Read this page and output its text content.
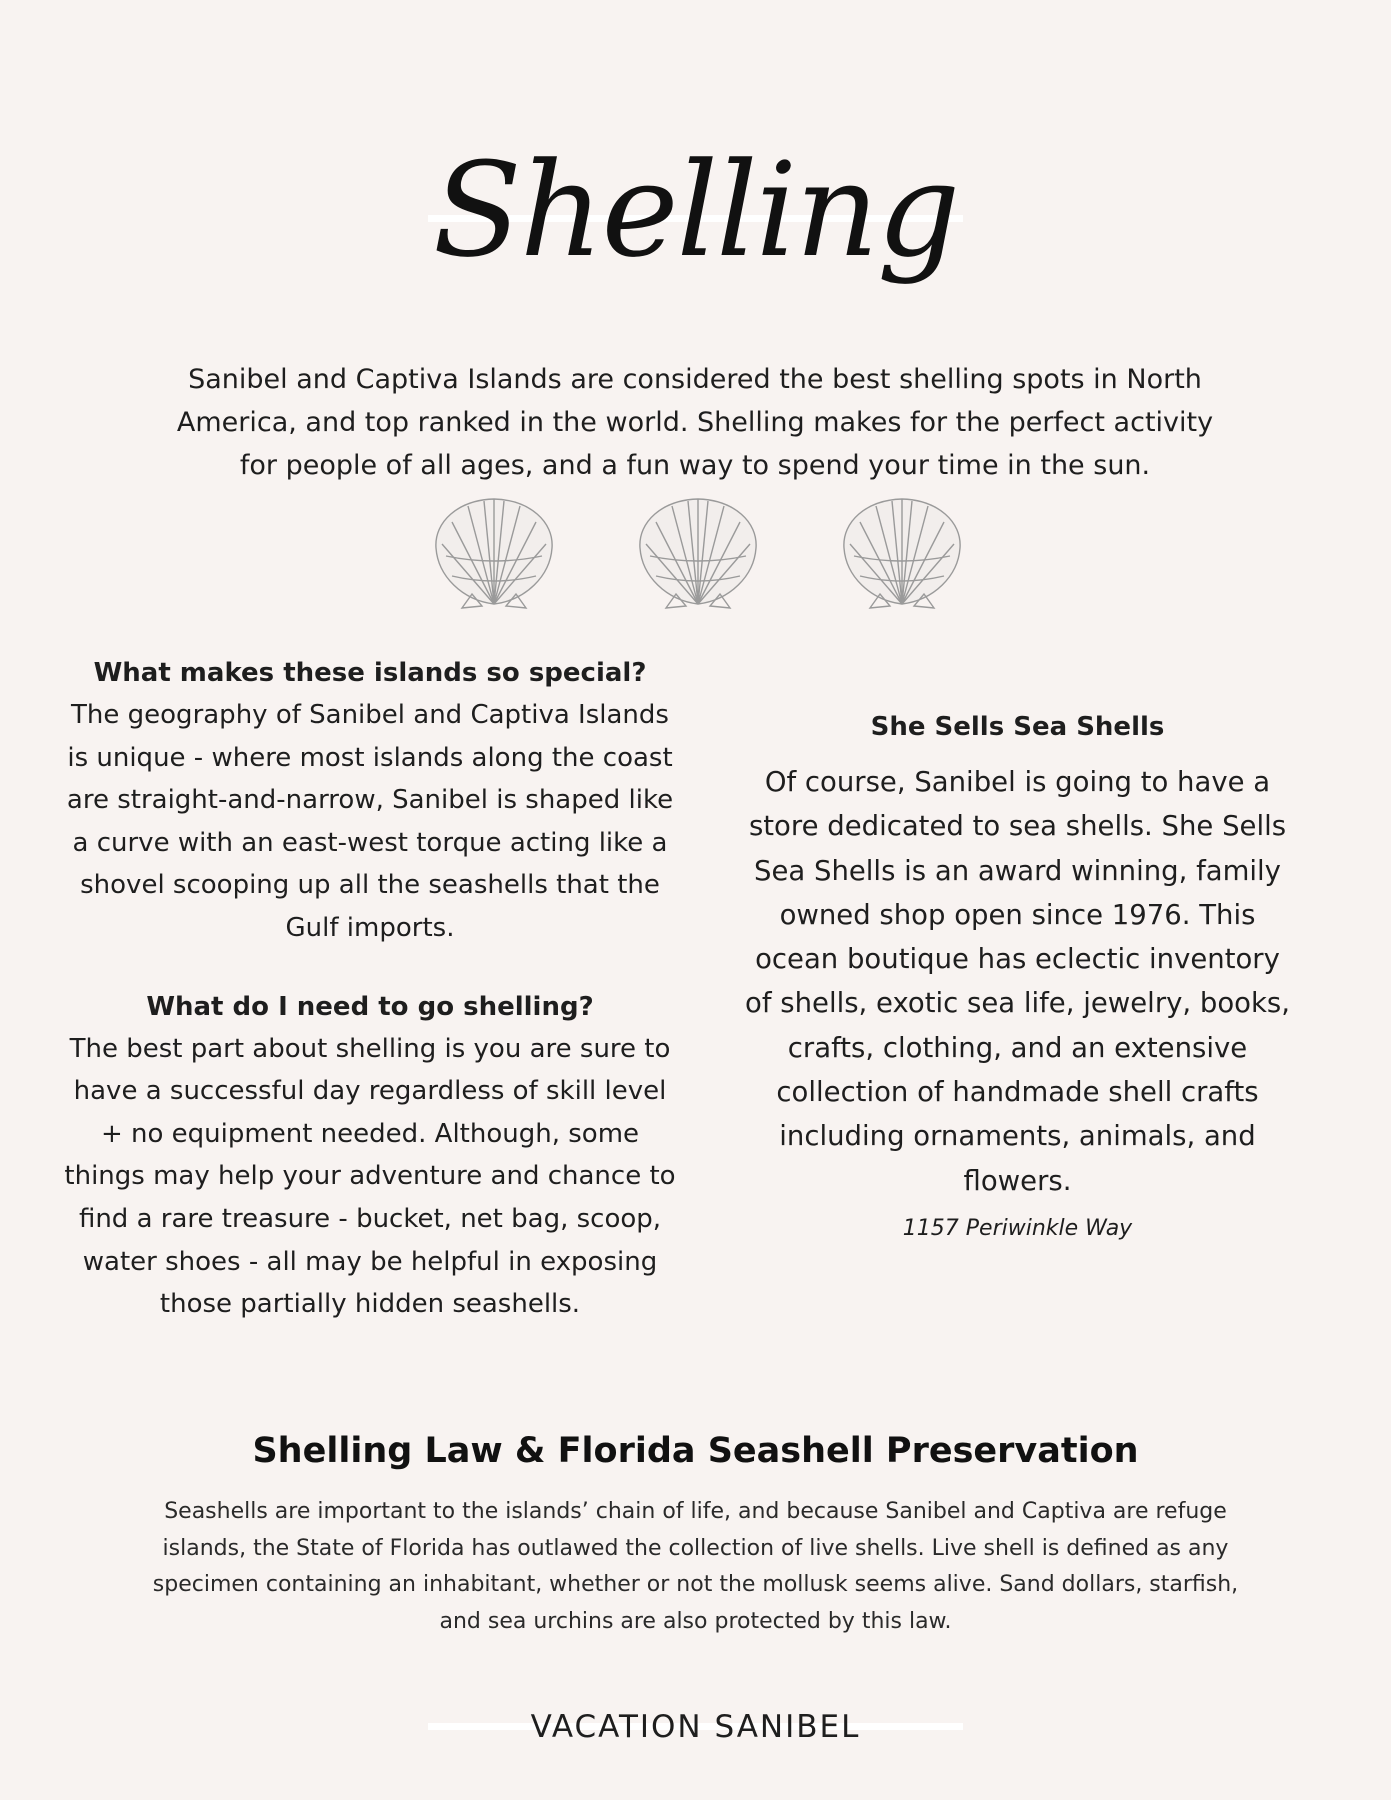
Shelling
Sanibel and Captiva Islands are considered the best shelling spots in North America, and top ranked in the world. Shelling makes for the perfect activity for people of all ages, and a fun way to spend your time in the sun.
What makes these islands so special?

The geography of Sanibel and Captiva Islands is unique - where most islands along the coast are straight-and-narrow, Sanibel is shaped like a curve with an east-west torque acting like a shovel scooping up all the seashells that the Gulf imports.

What do I need to go shelling?

The best part about shelling is you are sure to have a successful day regardless of skill level + no equipment needed. Although, some things may help your adventure and chance to find a rare treasure - bucket, net bag, scoop, water shoes - all may be helpful in exposing those partially hidden seashells.

She Sells Sea Shells

Of course, Sanibel is going to have a store dedicated to sea shells. She Sells Sea Shells is an award winning, family owned shop open since 1976. This ocean boutique has eclectic inventory of shells, exotic sea life, jewelry, books, crafts, clothing, and an extensive collection of handmade shell crafts including ornaments, animals, and flowers.

1157 Periwinkle Way

Shelling Law & Florida Seashell Preservation
Seashells are important to the islands’ chain of life, and because Sanibel and Captiva are refuge islands, the State of Florida has outlawed the collection of live shells. Live shell is defined as any specimen containing an inhabitant, whether or not the mollusk seems alive. Sand dollars, starfish, and sea urchins are also protected by this law.
VACATION SANIBEL
